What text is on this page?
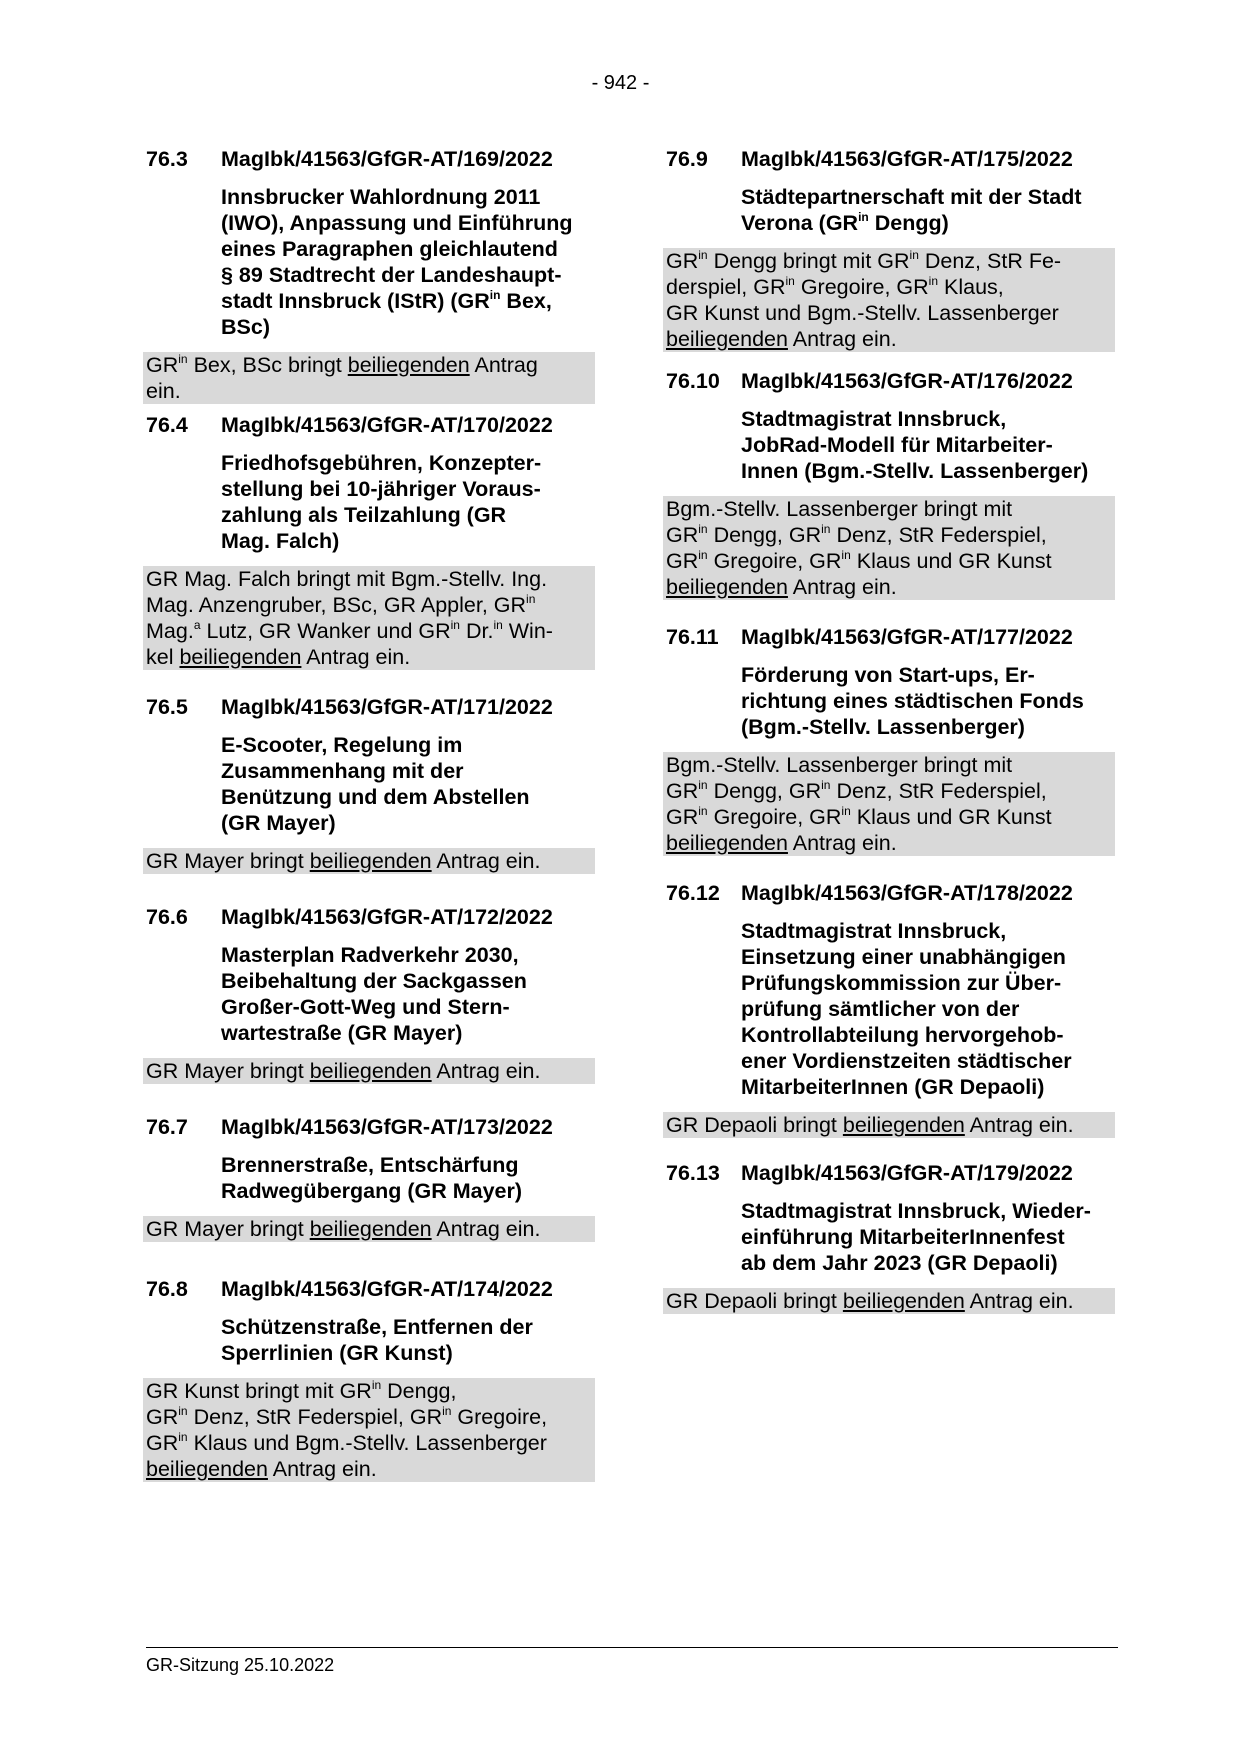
- 942 -
76.3	MagIbk/41563/GfGR-AT/169/2022
Innsbrucker Wahlordnung 2011
(IWO), Anpassung und Einführung
eines Paragraphen gleichlautend
§ 89 Stadtrecht der Landeshaupt-
stadt Innsbruck (IStR) ($GR^{in}$ Bex,
BSc)
$GR^{in}$ Bex, BSc bringt beiliegenden Antrag
ein.
76.4	MagIbk/41563/GfGR-AT/170/2022
Friedhofsgebühren, Konzepter-
stellung bei 10-jähriger Voraus-
zahlung als Teilzahlung (GR
Mag. Falch)
GR Mag. Falch bringt mit Bgm.-Stellv. Ing.
Mag. Anzengruber, BSc, GR Appler, $GR^{in}$
Mag.$^a$ Lutz, GR Wanker und $GR^{in}$ Dr.$^{in}$ Win-
kel beiliegenden Antrag ein.
76.5	MagIbk/41563/GfGR-AT/171/2022
E-Scooter, Regelung im
Zusammenhang mit der
Benützung und dem Abstellen
(GR Mayer)
GR Mayer bringt beiliegenden Antrag ein.
76.6	MagIbk/41563/GfGR-AT/172/2022
Masterplan Radverkehr 2030,
Beibehaltung der Sackgassen
Großer-Gott-Weg und Stern-
wartestraße (GR Mayer)
GR Mayer bringt beiliegenden Antrag ein.
76.7	MagIbk/41563/GfGR-AT/173/2022
Brennerstraße, Entschärfung
Radwegübergang (GR Mayer)
GR Mayer bringt beiliegenden Antrag ein.
76.8	MagIbk/41563/GfGR-AT/174/2022
Schützenstraße, Entfernen der
Sperrlinien (GR Kunst)
GR Kunst bringt mit $GR^{in}$ Dengg,
$GR^{in}$ Denz, StR Federspiel, $GR^{in}$ Gregoire,
$GR^{in}$ Klaus und Bgm.-Stellv. Lassenberger
beiliegenden Antrag ein.
76.9	MagIbk/41563/GfGR-AT/175/2022
Städtepartnerschaft mit der Stadt
Verona ($GR^{in}$ Dengg)
$GR^{in}$ Dengg bringt mit $GR^{in}$ Denz, StR Fe-
derspiel, $GR^{in}$ Gregoire, $GR^{in}$ Klaus,
GR Kunst und Bgm.-Stellv. Lassenberger
beiliegenden Antrag ein.
76.10 MagIbk/41563/GfGR-AT/176/2022
Stadtmagistrat Innsbruck,
JobRad-Modell für Mitarbeiter-
Innen (Bgm.-Stellv. Lassenberger)
Bgm.-Stellv. Lassenberger bringt mit
$GR^{in}$ Dengg, $GR^{in}$ Denz, StR Federspiel,
$GR^{in}$ Gregoire, $GR^{in}$ Klaus und GR Kunst
beiliegenden Antrag ein.
76.11	MagIbk/41563/GfGR-AT/177/2022
Förderung von Start-ups, Er-
richtung eines städtischen Fonds
(Bgm.-Stellv. Lassenberger)
Bgm.-Stellv. Lassenberger bringt mit
$GR^{in}$ Dengg, $GR^{in}$ Denz, StR Federspiel,
$GR^{in}$ Gregoire, $GR^{in}$ Klaus und GR Kunst
beiliegenden Antrag ein.
76.12 MagIbk/41563/GfGR-AT/178/2022
Stadtmagistrat Innsbruck,
Einsetzung einer unabhängigen
Prüfungskommission zur Über-
prüfung sämtlicher von der
Kontrollabteilung hervorgehob-
ener Vordienstzeiten städtischer
MitarbeiterInnen (GR Depaoli)
GR Depaoli bringt beiliegenden Antrag ein.
76.13 MagIbk/41563/GfGR-AT/179/2022
Stadtmagistrat Innsbruck, Wieder-
einführung MitarbeiterInnenfest
ab dem Jahr 2023 (GR Depaoli)
GR Depaoli bringt beiliegenden Antrag ein.
GR-Sitzung 25.10.2022
